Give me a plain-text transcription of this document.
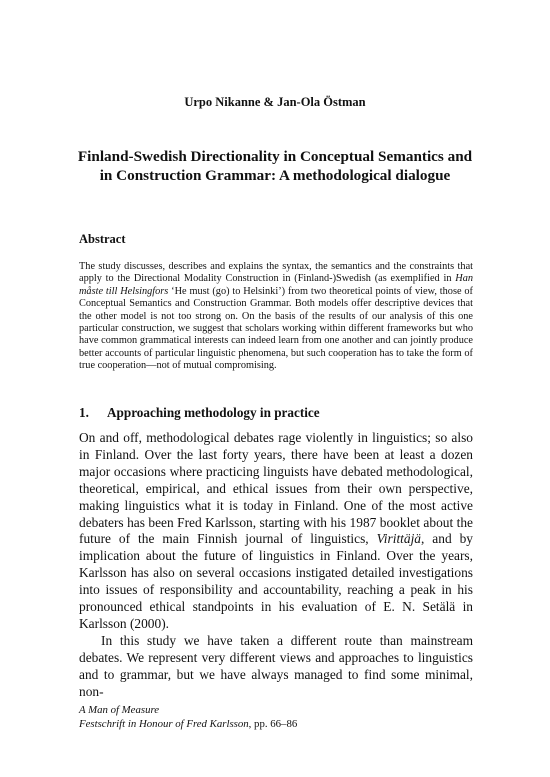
Urpo Nikanne & Jan-Ola Östman
Finland-Swedish Directionality in Conceptual Semantics and
in Construction Grammar: A methodological dialogue
Abstract
The study discusses, describes and explains the syntax, the semantics and the constraints that apply to the Directional Modality Construction in (Finland-)Swedish (as exemplified in Han måste till Helsingfors ‘He must (go) to Helsinki’) from two theoretical points of view, those of Conceptual Semantics and Construction Grammar. Both models offer descriptive devices that the other model is not too strong on. On the basis of the results of our analysis of this one particular construction, we suggest that scholars working within different frameworks but who have common grammatical interests can indeed learn from one another and can jointly produce better accounts of particular linguistic phenomena, but such cooperation has to take the form of true cooperation—not of mutual compromising.
1. Approaching methodology in practice

On and off, methodological debates rage violently in linguistics; so also in Finland. Over the last forty years, there have been at least a dozen major occasions where practicing linguists have debated methodological, theoretical, empirical, and ethical issues from their own perspective, making linguistics what it is today in Finland. One of the most active debaters has been Fred Karlsson, starting with his 1987 booklet about the future of the main Finnish journal of linguistics, Virittäjä, and by implication about the future of linguistics in Finland. Over the years, Karlsson has also on several occasions instigated detailed investigations into issues of responsibility and accountability, reaching a peak in his pronounced ethical standpoints in his evaluation of E. N. Setälä in Karlsson (2000).

In this study we have taken a different route than mainstream debates. We represent very different views and approaches to linguistics and to grammar, but we have always managed to find some minimal, non-

A Man of Measure
Festschrift in Honour of Fred Karlsson, pp. 66–86
